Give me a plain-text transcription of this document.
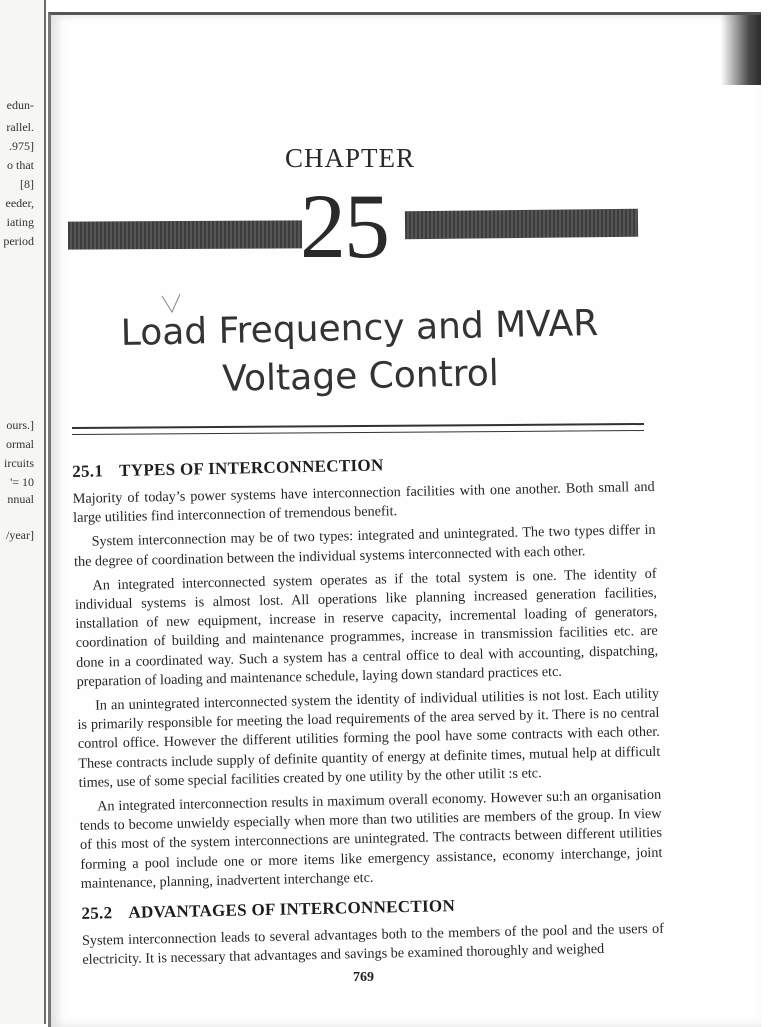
edun-
rallel.
.975]
o that
[8]
eeder,
iating
period
ours.]
ormal
ircuits
'= 10
nnual
/year]
CHAPTER
25
Load Frequency and MVAR
Voltage Control
25.1 TYPES OF INTERCONNECTION

Majority of today’s power systems have interconnection facilities with one another. Both small and large utilities find interconnection of tremendous benefit.

System interconnection may be of two types: integrated and unintegrated. The two types differ in the degree of coordination between the individual systems interconnected with each other.

An integrated interconnected system operates as if the total system is one. The identity of individual systems is almost lost. All operations like planning increased generation facilities, installation of new equipment, increase in reserve capacity, incremental loading of generators, coordination of building and maintenance programmes, increase in transmission facilities etc. are done in a coordinated way. Such a system has a central office to deal with accounting, dispatching, preparation of loading and maintenance schedule, laying down standard practices etc.

In an unintegrated interconnected system the identity of individual utilities is not lost. Each utility is primarily responsible for meeting the load requirements of the area served by it. There is no central control office. However the different utilities forming the pool have some contracts with each other. These contracts include supply of definite quantity of energy at definite times, mutual help at difficult times, use of some special facilities created by one utility by the other utilit :s etc.

An integrated interconnection results in maximum overall economy. However su:h an organisation tends to become unwieldy especially when more than two utilities are members of the group. In view of this most of the system interconnections are unintegrated. The contracts between different utilities forming a pool include one or more items like emergency assistance, economy interchange, joint maintenance, planning, inadvertent interchange etc.

25.2 ADVANTAGES OF INTERCONNECTION

System interconnection leads to several advantages both to the members of the pool and the users of electricity. It is necessary that advantages and savings be examined thoroughly and weighed

769
